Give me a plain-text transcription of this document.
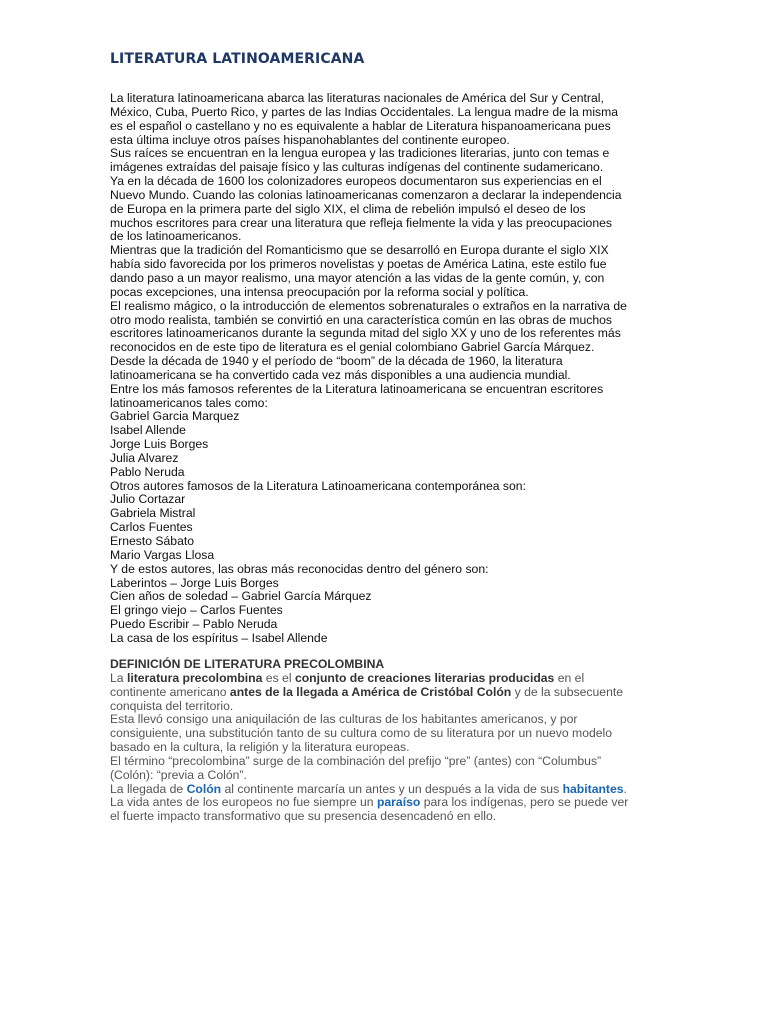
LITERATURA LATINOAMERICANA
La literatura latinoamericana abarca las literaturas nacionales de América del Sur y Central,
México, Cuba, Puerto Rico, y partes de las Indias Occidentales. La lengua madre de la misma
es el español o castellano y no es equivalente a hablar de Literatura hispanoamericana pues
esta última incluye otros países hispanohablantes del continente europeo.
Sus raíces se encuentran en la lengua europea y las tradiciones literarias, junto con temas e
imágenes extraídas del paisaje físico y las culturas indígenas del continente sudamericano.
Ya en la década de 1600 los colonizadores europeos documentaron sus experiencias en el
Nuevo Mundo. Cuando las colonias latinoamericanas comenzaron a declarar la independencia
de Europa en la primera parte del siglo XIX, el clima de rebelión impulsó el deseo de los
muchos escritores para crear una literatura que refleja fielmente la vida y las preocupaciones
de los latinoamericanos.
Mientras que la tradición del Romanticismo que se desarrolló en Europa durante el siglo XIX
había sido favorecida por los primeros novelistas y poetas de América Latina, este estilo fue
dando paso a un mayor realismo, una mayor atención a las vidas de la gente común, y, con
pocas excepciones, una intensa preocupación por la reforma social y política.
El realismo mágico, o la introducción de elementos sobrenaturales o extraños en la narrativa de
otro modo realista, también se convirtió en una característica común en las obras de muchos
escritores latinoamericanos durante la segunda mitad del siglo XX y uno de los referentes más
reconocidos en de este tipo de literatura es el genial colombiano Gabriel García Márquez.
Desde la década de 1940 y el período de “boom” de la década de 1960, la literatura
latinoamericana se ha convertido cada vez más disponibles a una audiencia mundial.
Entre los más famosos referentes de la Literatura latinoamericana se encuentran escritores
latinoamericanos tales como:
Gabriel Garcia Marquez
Isabel Allende
Jorge Luis Borges
Julia Alvarez
Pablo Neruda
Otros autores famosos de la Literatura Latinoamericana contemporánea son:
Julio Cortazar
Gabriela Mistral
Carlos Fuentes
Ernesto Sábato
Mario Vargas Llosa
Y de estos autores, las obras más reconocidas dentro del género son:
Laberintos – Jorge Luis Borges
Cien años de soledad – Gabriel García Márquez
El gringo viejo – Carlos Fuentes
Puedo Escribir – Pablo Neruda
La casa de los espíritus – Isabel Allende
DEFINICIÓN DE LITERATURA PRECOLOMBINA
La literatura precolombina es el conjunto de creaciones literarias producidas en el
continente americano antes de la llegada a América de Cristóbal Colón y de la subsecuente
conquista del territorio.
Esta llevó consigo una aniquilación de las culturas de los habitantes americanos, y por
consiguiente, una substitución tanto de su cultura como de su literatura por un nuevo modelo
basado en la cultura, la religión y la literatura europeas.
El término “precolombina” surge de la combinación del prefijo “pre” (antes) con “Columbus”
(Colón): “previa a Colón”.
La llegada de Colón al continente marcaría un antes y un después a la vida de sus habitantes.
La vida antes de los europeos no fue siempre un paraíso para los indígenas, pero se puede ver
el fuerte impacto transformativo que su presencia desencadenó en ello.
